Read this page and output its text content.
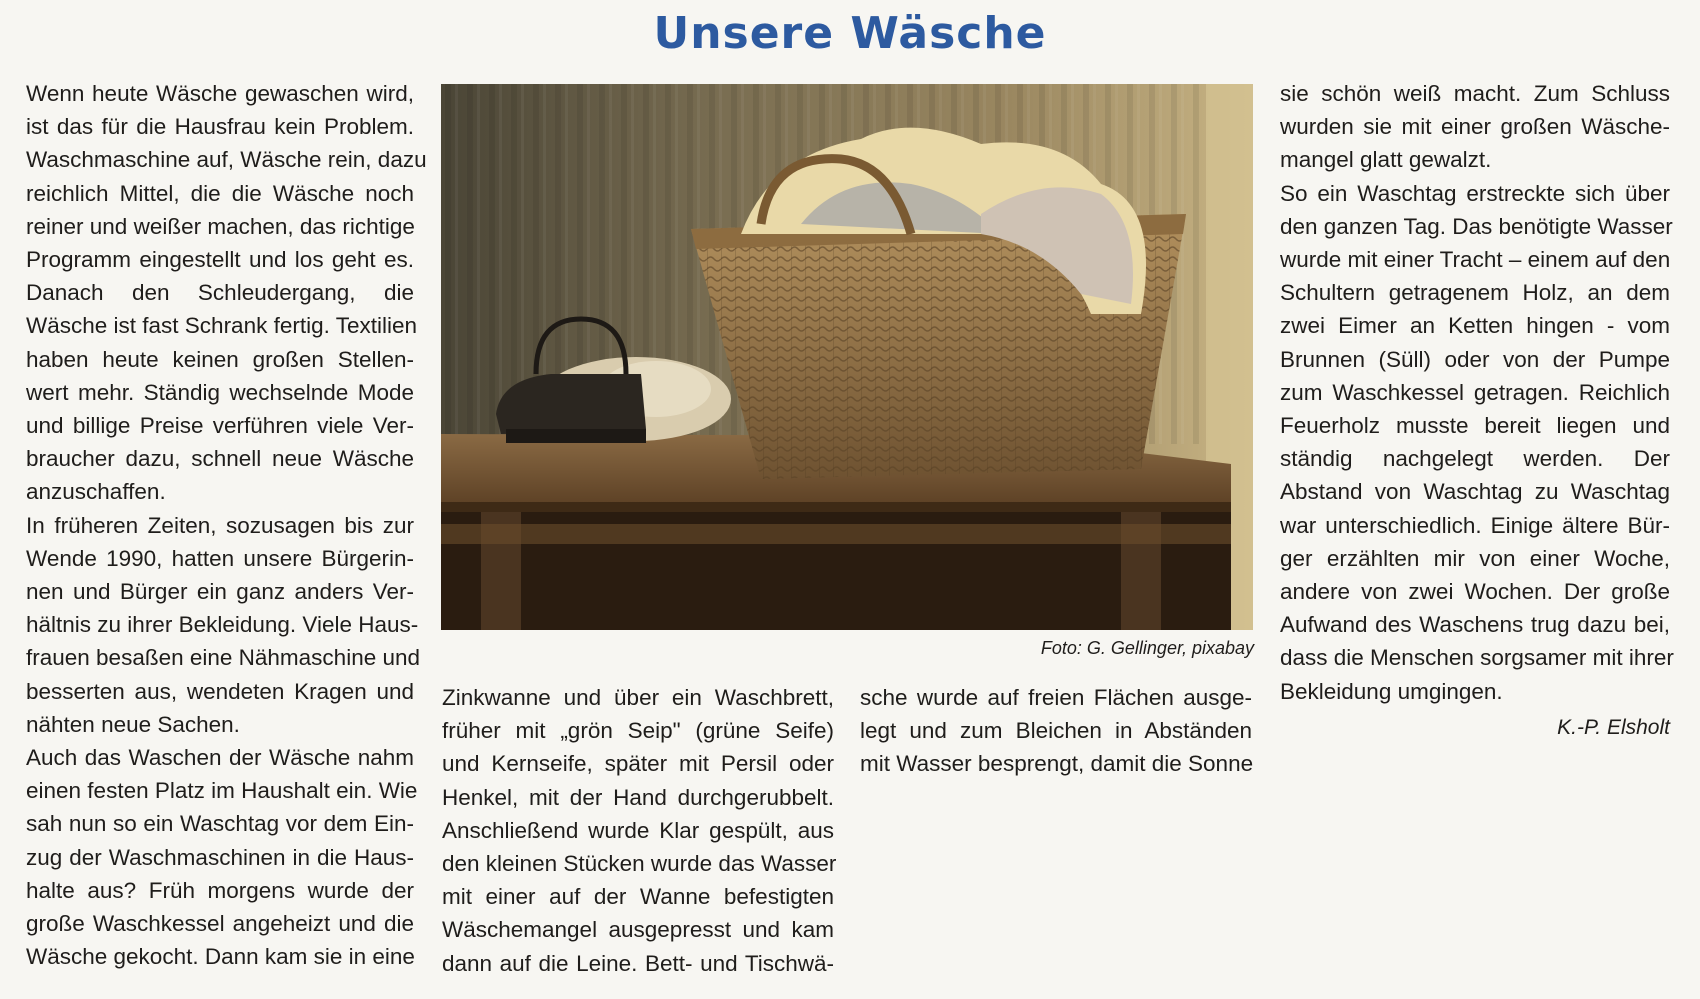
Unsere Wäsche
Wenn heute Wäsche gewaschen wird,
ist das für die Hausfrau kein Problem.
Waschmaschine auf, Wäsche rein, dazu
reichlich Mittel, die die Wäsche noch
reiner und weißer machen, das richtige
Programm eingestellt und los geht es.
Danach den Schleudergang, die
Wäsche ist fast Schrank fertig. Textilien
haben heute keinen großen Stellen-
wert mehr. Ständig wechselnde Mode
und billige Preise verführen viele Ver-
braucher dazu, schnell neue Wäsche
anzuschaffen.
In früheren Zeiten, sozusagen bis zur
Wende 1990, hatten unsere Bürgerin-
nen und Bürger ein ganz anders Ver-
hältnis zu ihrer Bekleidung. Viele Haus-
frauen besaßen eine Nähmaschine und
besserten aus, wendeten Kragen und
nähten neue Sachen.
Auch das Waschen der Wäsche nahm
einen festen Platz im Haushalt ein. Wie
sah nun so ein Waschtag vor dem Ein-
zug der Waschmaschinen in die Haus-
halte aus? Früh morgens wurde der
große Waschkessel angeheizt und die
Wäsche gekocht. Dann kam sie in eine
Foto: G. Gellinger, pixabay
Zinkwanne und über ein Waschbrett,
früher mit „grön Seip" (grüne Seife)
und Kernseife, später mit Persil oder
Henkel, mit der Hand durchgerubbelt.
Anschließend wurde Klar gespült, aus
den kleinen Stücken wurde das Wasser
mit einer auf der Wanne befestigten
Wäschemangel ausgepresst und kam
dann auf die Leine. Bett- und Tischwä-
sche wurde auf freien Flächen ausge-
legt und zum Bleichen in Abständen
mit Wasser besprengt, damit die Sonne
sie schön weiß macht. Zum Schluss
wurden sie mit einer großen Wäsche-
mangel glatt gewalzt.
So ein Waschtag erstreckte sich über
den ganzen Tag. Das benötigte Wasser
wurde mit einer Tracht – einem auf den
Schultern getragenem Holz, an dem
zwei Eimer an Ketten hingen - vom
Brunnen (Süll) oder von der Pumpe
zum Waschkessel getragen. Reichlich
Feuerholz musste bereit liegen und
ständig nachgelegt werden. Der
Abstand von Waschtag zu Waschtag
war unterschiedlich. Einige ältere Bür-
ger erzählten mir von einer Woche,
andere von zwei Wochen. Der große
Aufwand des Waschens trug dazu bei,
dass die Menschen sorgsamer mit ihrer
Bekleidung umgingen.
K.-P. Elsholt
